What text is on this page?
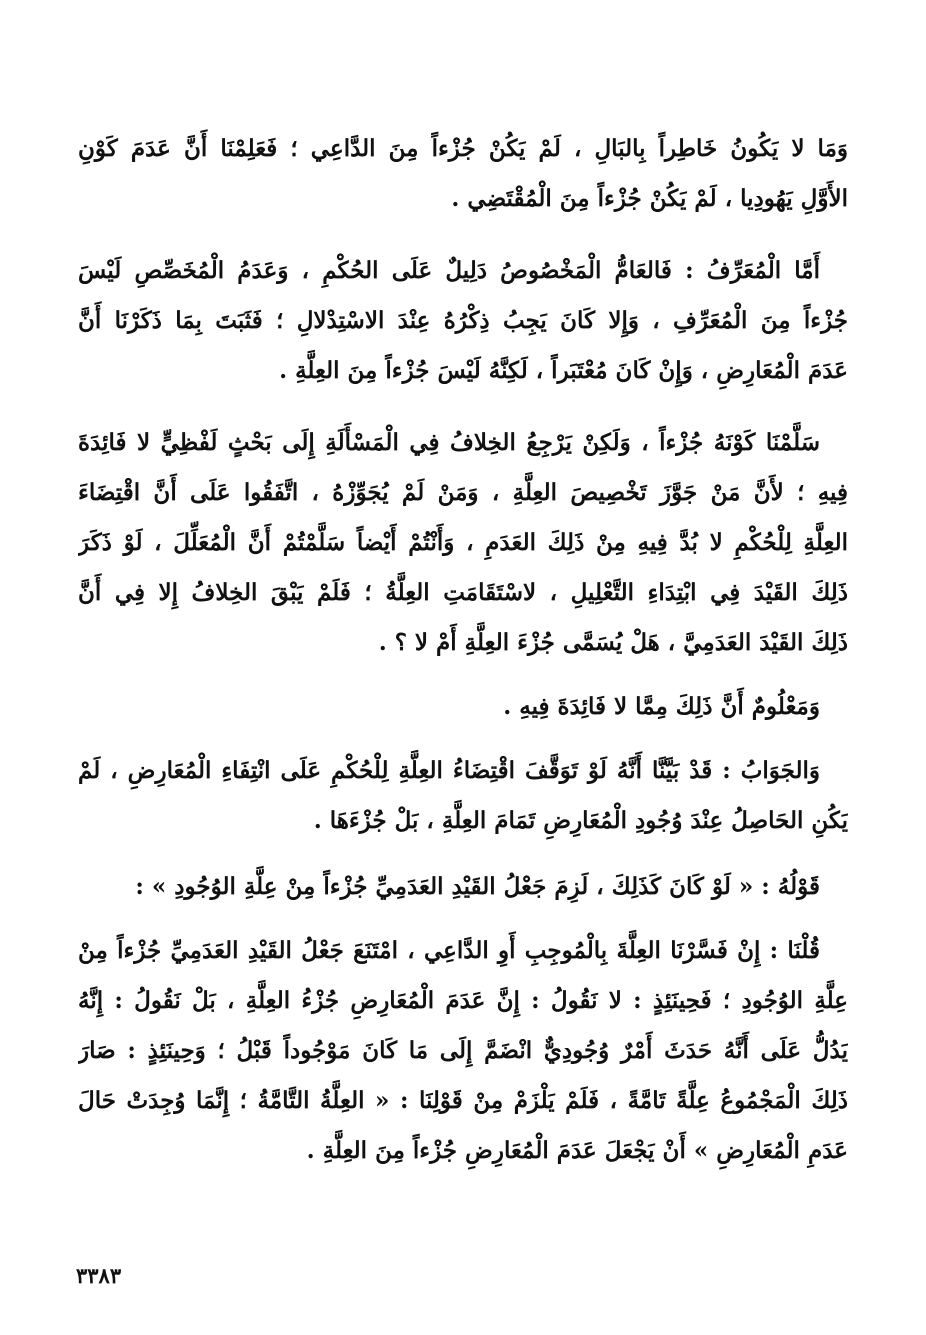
وَمَا لا يَكُونُ خَاطِراً بِالبَالِ ، لَمْ يَكُنْ جُزْءاً مِنَ الدَّاعِي ؛ فَعَلِمْنَا أَنَّ عَدَمَ كَوْنِ
الأَوَّلِ يَهُودِيا ، لَمْ يَكُنْ جُزْءاً مِنَ الْمُقْتَضِي .

أَمَّا الْمُعَرِّفُ : فَالعَامُّ الْمَخْصُوصُ دَلِيلٌ عَلَى الحُكْمِ ، وَعَدَمُ الْمُخَصِّصِ لَيْسَ
جُزْءاً مِنَ الْمُعَرِّفِ ، وَإِلا كَانَ يَجِبُ ذِكْرُهُ عِنْدَ الاسْتِدْلالِ ؛ فَثَبَتَ بِمَا ذَكَرْنَا أَنَّ
عَدَمَ الْمُعَارِضِ ، وَإِنْ كَانَ مُعْتَبَراً ، لَكِنَّهُ لَيْسَ جُزْءاً مِنَ العِلَّةِ .

سَلَّمْنَا كَوْنَهُ جُزْءاً ، وَلَكِنْ يَرْجِعُ الخِلافُ فِي الْمَسْأَلَةِ إِلَى بَحْثٍ لَفْظِيٍّ لا فَائِدَةَ
فِيهِ ؛ لأَنَّ مَنْ جَوَّزَ تَخْصِيصَ العِلَّةِ ، وَمَنْ لَمْ يُجَوِّزْهُ ، اتَّفَقُوا عَلَى أَنَّ اقْتِضَاءَ
العِلَّةِ لِلْحُكْمِ لا بُدَّ فِيهِ مِنْ ذَلِكَ العَدَمِ ، وَأَنْتُمْ أَيْضاً سَلَّمْتُمْ أَنَّ الْمُعَلِّلَ ، لَوْ ذَكَرَ
ذَلِكَ القَيْدَ فِي ابْتِدَاءِ التَّعْلِيلِ ، لاسْتَقَامَتِ العِلَّةُ ؛ فَلَمْ يَبْقَ الخِلافُ إِلا فِي أَنَّ
ذَلِكَ القَيْدَ العَدَمِيَّ ، هَلْ يُسَمَّى جُزْءَ العِلَّةِ أَمْ لا ؟ .

وَمَعْلُومٌ أَنَّ ذَلِكَ مِمَّا لا فَائِدَةَ فِيهِ .

وَالجَوَابُ : قَدْ بَيَّنَّا أَنَّهُ لَوْ تَوَقَّفَ اقْتِضَاءُ العِلَّةِ لِلْحُكْمِ عَلَى انْتِفَاءِ الْمُعَارِضِ ، لَمْ
يَكُنِ الحَاصِلُ عِنْدَ وُجُودِ الْمُعَارِضِ تَمَامَ العِلَّةِ ، بَلْ جُزْءَهَا .

قَوْلُهُ : « لَوْ كَانَ كَذَلِكَ ، لَزِمَ جَعْلُ القَيْدِ العَدَمِيِّ جُزْءاً مِنْ عِلَّةِ الوُجُودِ » :

قُلْنَا : إِنْ فَسَّرْنَا العِلَّةَ بِالْمُوجِبِ أَوِ الدَّاعِي ، امْتَنَعَ جَعْلُ القَيْدِ العَدَمِيِّ جُزْءاً مِنْ
عِلَّةِ الوُجُودِ ؛ فَحِينَئِذٍ : لا نَقُولُ : إِنَّ عَدَمَ الْمُعَارِضِ جُزْءُ العِلَّةِ ، بَلْ نَقُولُ : إِنَّهُ
يَدُلُّ عَلَى أَنَّهُ حَدَثَ أَمْرٌ وُجُودِيٌّ انْضَمَّ إِلَى مَا كَانَ مَوْجُوداً قَبْلُ ؛ وَحِينَئِذٍ : صَارَ
ذَلِكَ الْمَجْمُوعُ عِلَّةً تَامَّةً ، فَلَمْ يَلْزَمْ مِنْ قَوْلِنَا : « العِلَّةُ التَّامَّةُ ؛ إِنَّمَا وُجِدَتْ حَالَ
عَدَمِ الْمُعَارِضِ » أَنْ يَجْعَلَ عَدَمَ الْمُعَارِضِ جُزْءاً مِنَ العِلَّةِ .

٣٣٨٣
